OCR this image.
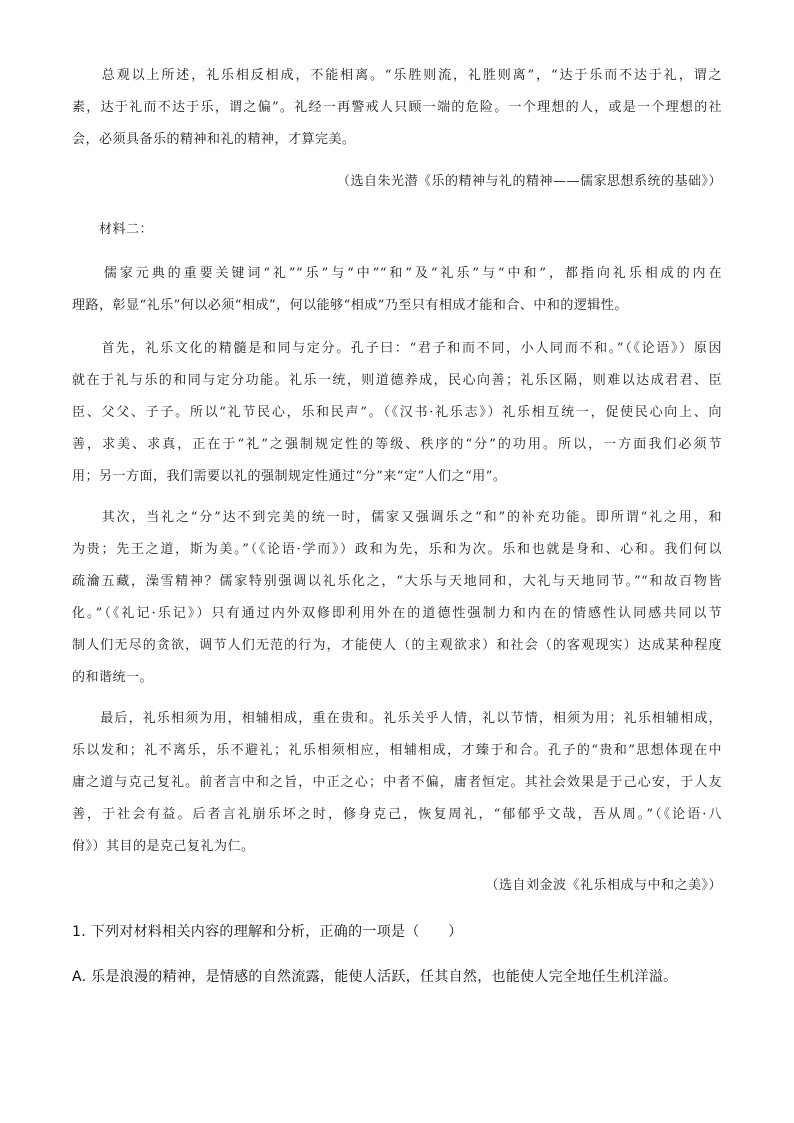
　　总观以上所述，礼乐相反相成，不能相离。“乐胜则流，礼胜则离”，“达于乐而不达于礼，谓之
素，达于礼而不达于乐，谓之偏”。礼经一再警戒人只顾一端的危险。一个理想的人，或是一个理想的社
会，必须具备乐的精神和礼的精神，才算完美。
（选自朱光潜《乐的精神与礼的精神——儒家思想系统的基础》）
　　材料二：
　　儒家元典的重要关键词“礼”“乐”与“中”“和”及“礼乐”与“中和”，都指向礼乐相成的内在
理路，彰显“礼乐”何以必须“相成”，何以能够“相成”乃至只有相成才能和合、中和的逻辑性。
　　首先，礼乐文化的精髓是和同与定分。孔子曰：“君子和而不同，小人同而不和。”（《论语》）原因
就在于礼与乐的和同与定分功能。礼乐一统，则道德养成，民心向善；礼乐区隔，则难以达成君君、臣
臣、父父、子子。所以“礼节民心，乐和民声”。（《汉书·礼乐志》）礼乐相互统一，促使民心向上、向
善，求美、求真，正在于“礼”之强制规定性的等级、秩序的“分”的功用。所以，一方面我们必须节
用；另一方面，我们需要以礼的强制规定性通过“分”来“定”人们之“用”。
　　其次，当礼之“分”达不到完美的统一时，儒家又强调乐之“和”的补充功能。即所谓“礼之用，和
为贵；先王之道，斯为美。”（《论语·学而》）政和为先，乐和为次。乐和也就是身和、心和。我们何以
疏瀹五藏，澡雪精神？儒家特别强调以礼乐化之，“大乐与天地同和，大礼与天地同节。”“和故百物皆
化。”（《礼记·乐记》）只有通过内外双修即利用外在的道德性强制力和内在的情感性认同感共同以节
制人们无尽的贪欲，调节人们无范的行为，才能使人（的主观欲求）和社会（的客观现实）达成某种程度
的和谐统一。
　　最后，礼乐相须为用，相辅相成，重在贵和。礼乐关乎人情，礼以节情，相须为用；礼乐相辅相成，
乐以发和；礼不离乐，乐不避礼；礼乐相须相应，相辅相成，才臻于和合。孔子的“贵和”思想体现在中
庸之道与克己复礼。前者言中和之旨，中正之心；中者不偏，庸者恒定。其社会效果是于己心安，于人友
善，于社会有益。后者言礼崩乐坏之时，修身克己，恢复周礼，“郁郁乎文哉，吾从周。”（《论语·八
佾》）其目的是克己复礼为仁。
（选自刘金波《礼乐相成与中和之美》）
1. 下列对材料相关内容的理解和分析，正确的一项是（　　）
A. 乐是浪漫的精神，是情感的自然流露，能使人活跃，任其自然，也能使人完全地任生机洋溢。
